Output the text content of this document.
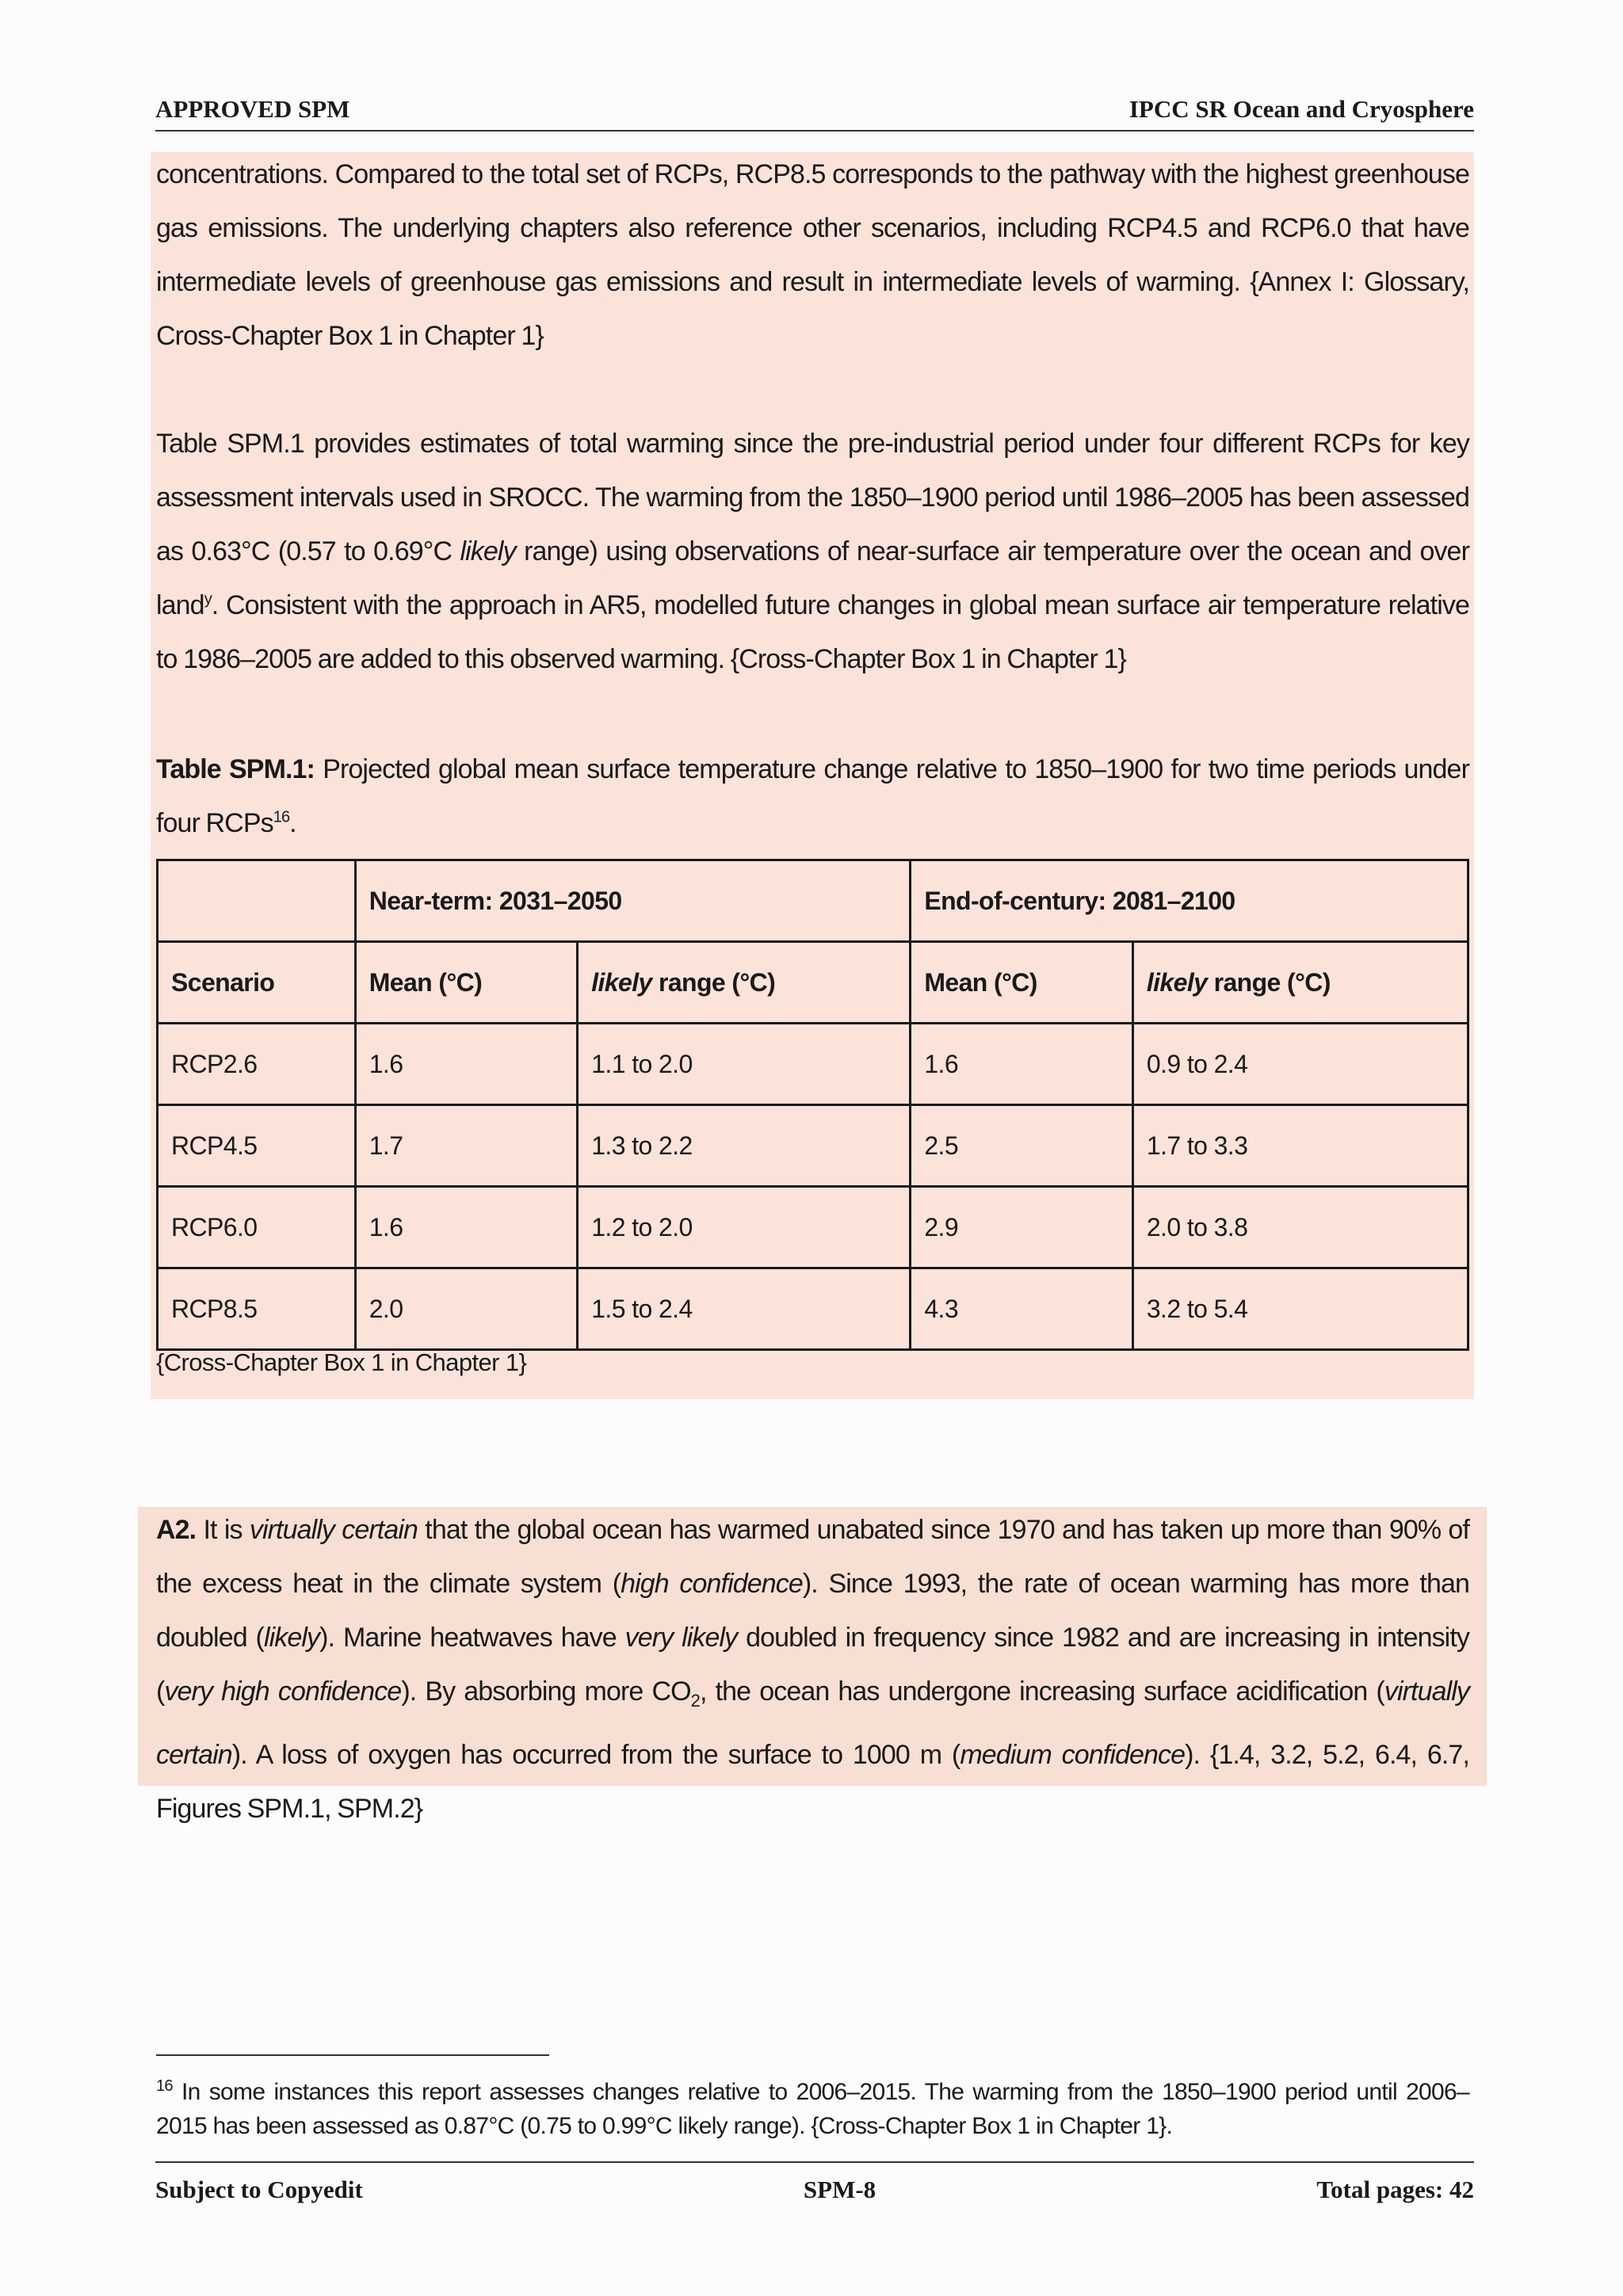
APPROVED SPM	IPCC SR Ocean and Cryosphere
concentrations. Compared to the total set of RCPs, RCP8.5 corresponds to the pathway with the highest greenhouse gas emissions. The underlying chapters also reference other scenarios, including RCP4.5 and RCP6.0 that have intermediate levels of greenhouse gas emissions and result in intermediate levels of warming. {Annex I: Glossary, Cross-Chapter Box 1 in Chapter 1}
Table SPM.1 provides estimates of total warming since the pre-industrial period under four different RCPs for key assessment intervals used in SROCC. The warming from the 1850–1900 period until 1986–2005 has been assessed as 0.63°C (0.57 to 0.69°C likely range) using observations of near-surface air temperature over the ocean and over land$^y$. Consistent with the approach in AR5, modelled future changes in global mean surface air temperature relative to 1986–2005 are added to this observed warming. {Cross-Chapter Box 1 in Chapter 1}
Table SPM.1: Projected global mean surface temperature change relative to 1850–1900 for two time periods under four RCPs$^{16}$.
	Near-term: 2031–2050		End-of-century: 2081–2100	
Scenario	Mean (°C)	likely range (°C)	Mean (°C)	likely range (°C)
RCP2.6	1.6	1.1 to 2.0	1.6	0.9 to 2.4
RCP4.5	1.7	1.3 to 2.2	2.5	1.7 to 3.3
RCP6.0	1.6	1.2 to 2.0	2.9	2.0 to 3.8
RCP8.5	2.0	1.5 to 2.4	4.3	3.2 to 5.4
{Cross-Chapter Box 1 in Chapter 1}
A2. It is virtually certain that the global ocean has warmed unabated since 1970 and has taken up more than 90% of the excess heat in the climate system (high confidence). Since 1993, the rate of ocean warming has more than doubled (likely). Marine heatwaves have very likely doubled in frequency since 1982 and are increasing in intensity (very high confidence). By absorbing more $CO_2$, the ocean has undergone increasing surface acidification (virtually certain). A loss of oxygen has occurred from the surface to 1000 m (medium confidence). {1.4, 3.2, 5.2, 6.4, 6.7, Figures SPM.1, SPM.2}
$^{16}$ In some instances this report assesses changes relative to 2006–2015. The warming from the 1850–1900 period until 2006–2015 has been assessed as 0.87°C (0.75 to 0.99°C likely range). {Cross-Chapter Box 1 in Chapter 1}.
Subject to Copyedit	SPM-8	Total pages: 42
